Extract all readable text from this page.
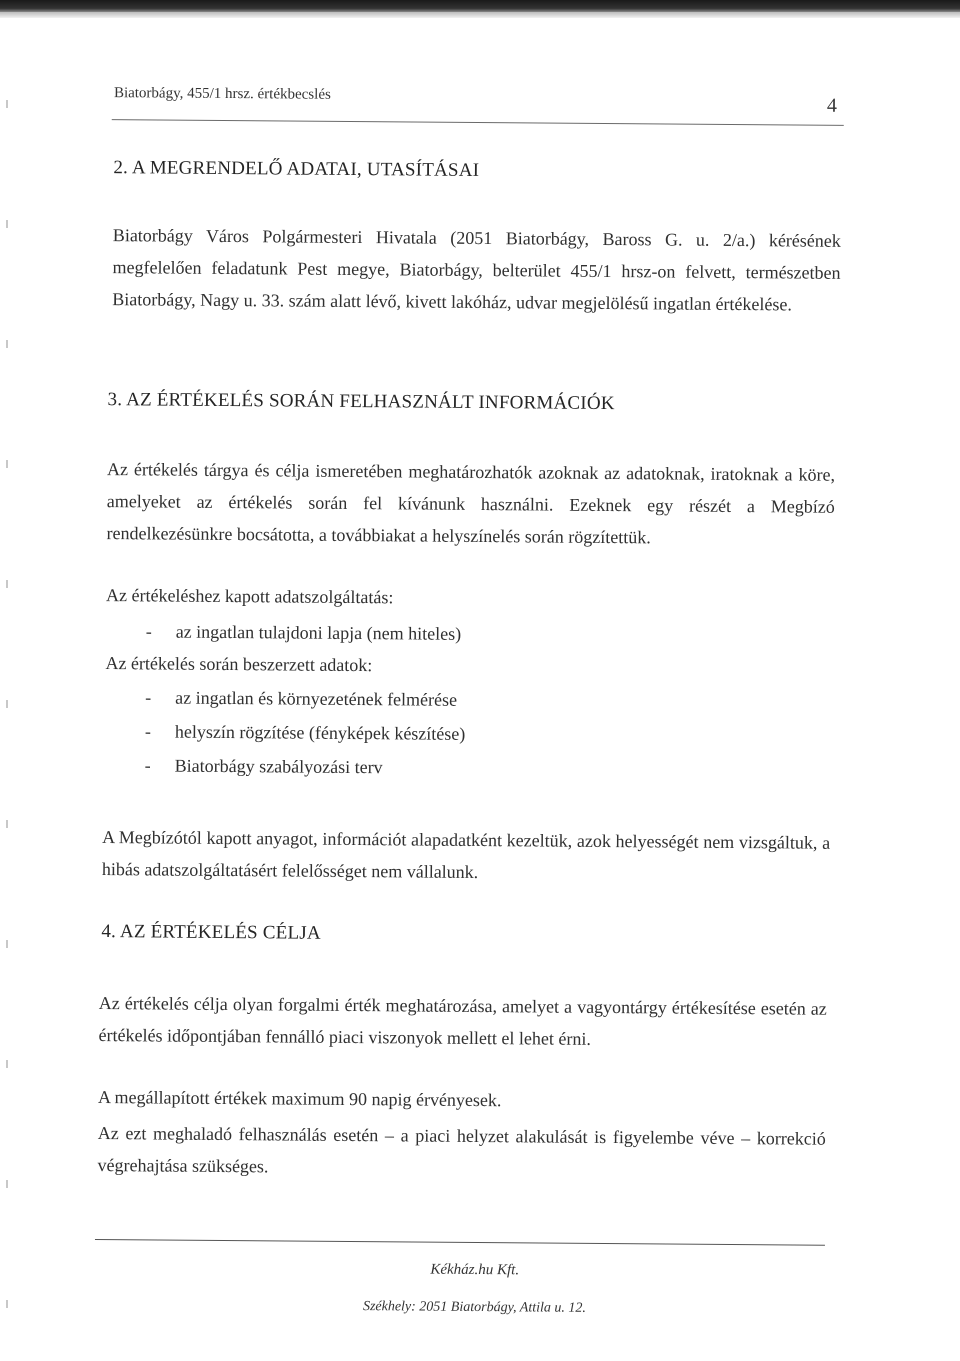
Biatorbágy, 455/1 hrsz. értékbecslés
4
2. A MEGRENDELŐ ADATAI, UTASÍTÁSAI
Biatorbágy Város Polgármesteri Hivatala (2051 Biatorbágy, Baross G. u. 2/a.) kérésének megfelelően feladatunk Pest megye, Biatorbágy, belterület 455/1 hrsz-on felvett, természetben Biatorbágy, Nagy u. 33. szám alatt lévő, kivett lakóház, udvar megjelölésű ingatlan értékelése.
3. AZ ÉRTÉKELÉS SORÁN FELHASZNÁLT INFORMÁCIÓK
Az értékelés tárgya és célja ismeretében meghatározhatók azoknak az adatoknak, iratoknak a köre, amelyeket az értékelés során fel kívánunk használni. Ezeknek egy részét a Megbízó rendelkezésünkre bocsátotta, a továbbiakat a helyszínelés során rögzítettük.
Az értékeléshez kapott adatszolgáltatás:
- az ingatlan tulajdoni lapja (nem hiteles)
Az értékelés során beszerzett adatok:
- az ingatlan és környezetének felmérése
- helyszín rögzítése (fényképek készítése)
- Biatorbágy szabályozási terv
A Megbízótól kapott anyagot, információt alapadatként kezeltük, azok helyességét nem vizsgáltuk, a hibás adatszolgáltatásért felelősséget nem vállalunk.
4. AZ ÉRTÉKELÉS CÉLJA
Az értékelés célja olyan forgalmi érték meghatározása, amelyet a vagyontárgy értékesítése esetén az értékelés időpontjában fennálló piaci viszonyok mellett el lehet érni.
A megállapított értékek maximum 90 napig érvényesek.
Az ezt meghaladó felhasználás esetén – a piaci helyzet alakulását is figyelembe véve – korrekció végrehajtása szükséges.
Kékház.hu Kft.
Székhely: 2051 Biatorbágy, Attila u. 12.
